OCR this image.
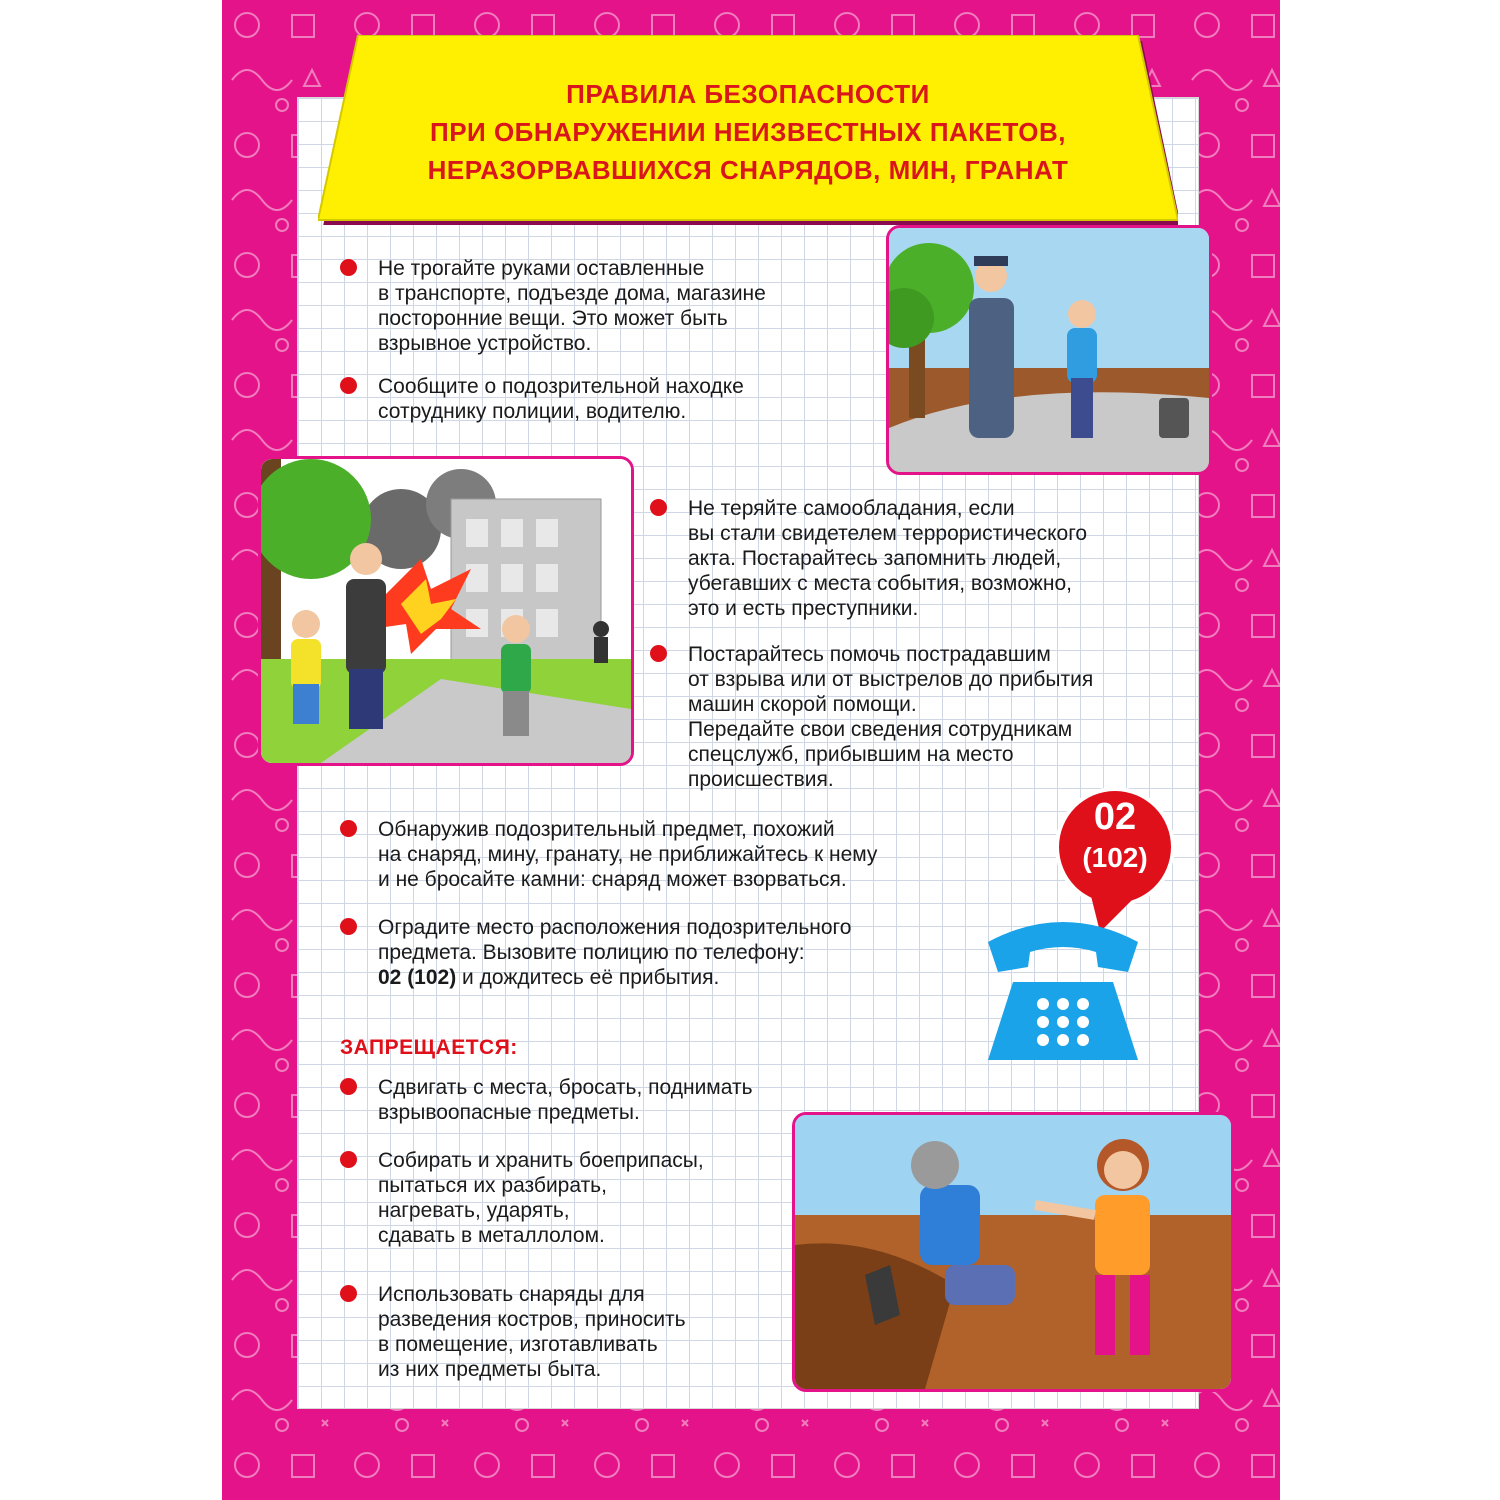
ПРАВИЛА БЕЗОПАСНОСТИ
ПРИ ОБНАРУЖЕНИИ НЕИЗВЕСТНЫХ ПАКЕТОВ,
НЕРАЗОРВАВШИХСЯ СНАРЯДОВ, МИН, ГРАНАТ
02
(102)
Не трогайте руками оставленные
в транспорте, подъезде дома, магазине
посторонние вещи. Это может быть
взрывное устройство.
Сообщите о подозрительной находке
сотруднику полиции, водителю.
Не теряйте самообладания, если
вы стали свидетелем террористического
акта. Постарайтесь запомнить людей,
убегавших с места события, возможно,
это и есть преступники.
Постарайтесь помочь пострадавшим
от взрыва или от выстрелов до прибытия
машин скорой помощи.
Передайте свои сведения сотрудникам
спецслужб, прибывшим на место
происшествия.
Обнаружив подозрительный предмет, похожий
на снаряд, мину, гранату, не приближайтесь к нему
и не бросайте камни: снаряд может взорваться.
Оградите место расположения подозрительного
предмета. Вызовите полицию по телефону:
02 (102) и дождитесь её прибытия.
ЗАПРЕЩАЕТСЯ:
Сдвигать с места, бросать, поднимать
взрывоопасные предметы.
Собирать и хранить боеприпасы,
пытаться их разбирать,
нагревать, ударять,
сдавать в металлолом.
Использовать снаряды для
разведения костров, приносить
в помещение, изготавливать
из них предметы быта.
